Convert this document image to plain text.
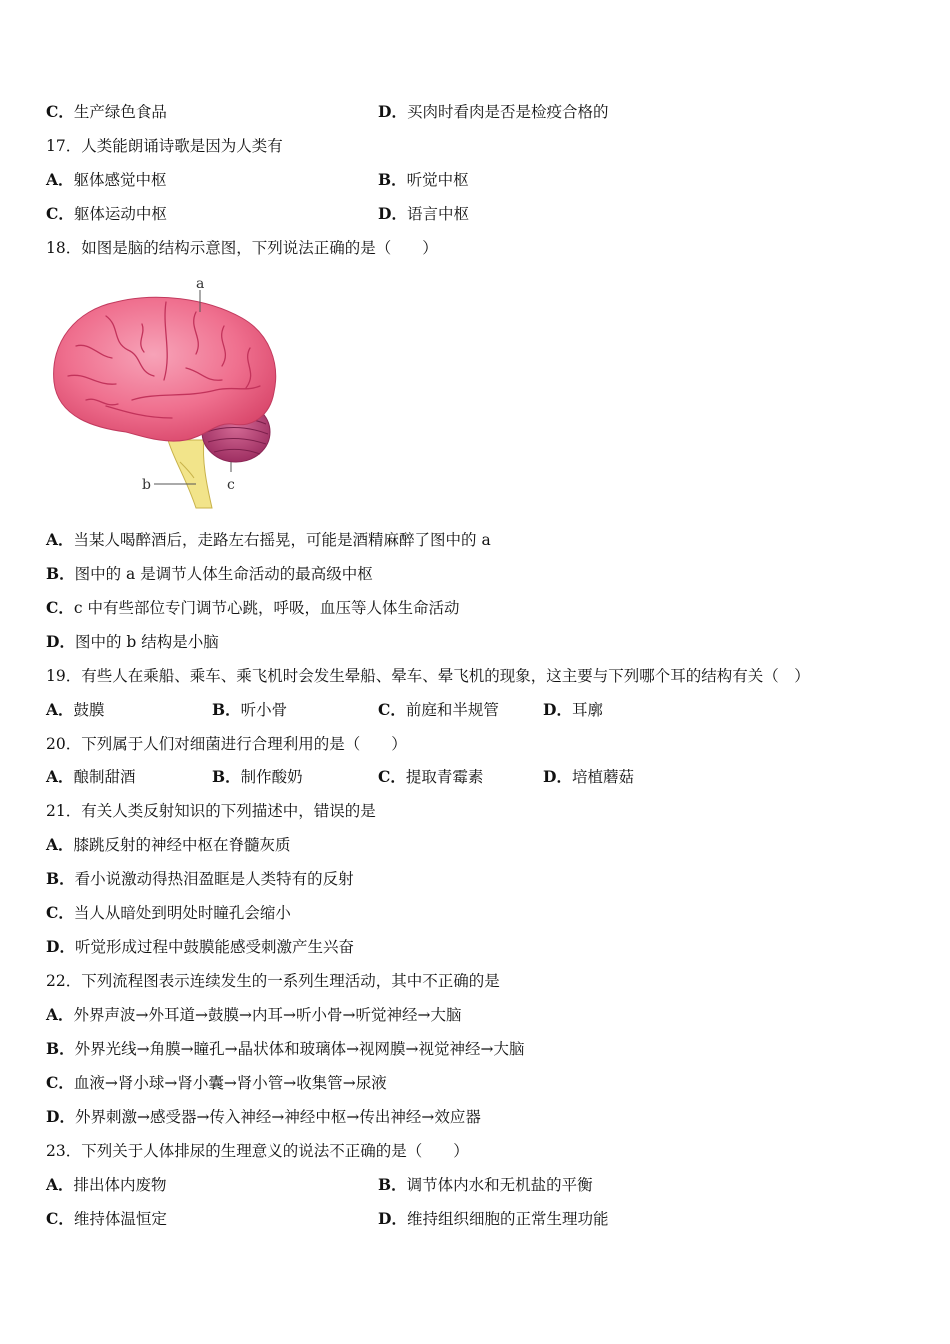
C．生产绿色食品	D．买肉时看肉是否是检疫合格的
17．人类能朗诵诗歌是因为人类有
A．躯体感觉中枢	B．听觉中枢
C．躯体运动中枢	D．语言中枢
18．如图是脑的结构示意图，下列说法正确的是（　　）
a
b	c
A．当某人喝醉酒后，走路左右摇晃，可能是酒精麻醉了图中的 a
B．图中的 a 是调节人体生命活动的最高级中枢
C．c 中有些部位专门调节心跳，呼吸，血压等人体生命活动
D．图中的 b 结构是小脑
19．有些人在乘船、乘车、乘飞机时会发生晕船、晕车、晕飞机的现象，这主要与下列哪个耳的结构有关（　）
A．鼓膜	B．听小骨	C．前庭和半规管	D．耳廓
20．下列属于人们对细菌进行合理利用的是（　　）
A．酿制甜酒	B．制作酸奶	C．提取青霉素	D．培植蘑菇
21．有关人类反射知识的下列描述中，错误的是
A．膝跳反射的神经中枢在脊髓灰质
B．看小说激动得热泪盈眶是人类特有的反射
C．当人从暗处到明处时瞳孔会缩小
D．听觉形成过程中鼓膜能感受刺激产生兴奋
22．下列流程图表示连续发生的一系列生理活动，其中不正确的是
A．外界声波→外耳道→鼓膜→内耳→听小骨→听觉神经→大脑
B．外界光线→角膜→瞳孔→晶状体和玻璃体→视网膜→视觉神经→大脑
C．血液→肾小球→肾小囊→肾小管→收集管→尿液
D．外界刺激→感受器→传入神经→神经中枢→传出神经→效应器
23．下列关于人体排尿的生理意义的说法不正确的是（　　）
A．排出体内废物	B．调节体内水和无机盐的平衡
C．维持体温恒定	D．维持组织细胞的正常生理功能
